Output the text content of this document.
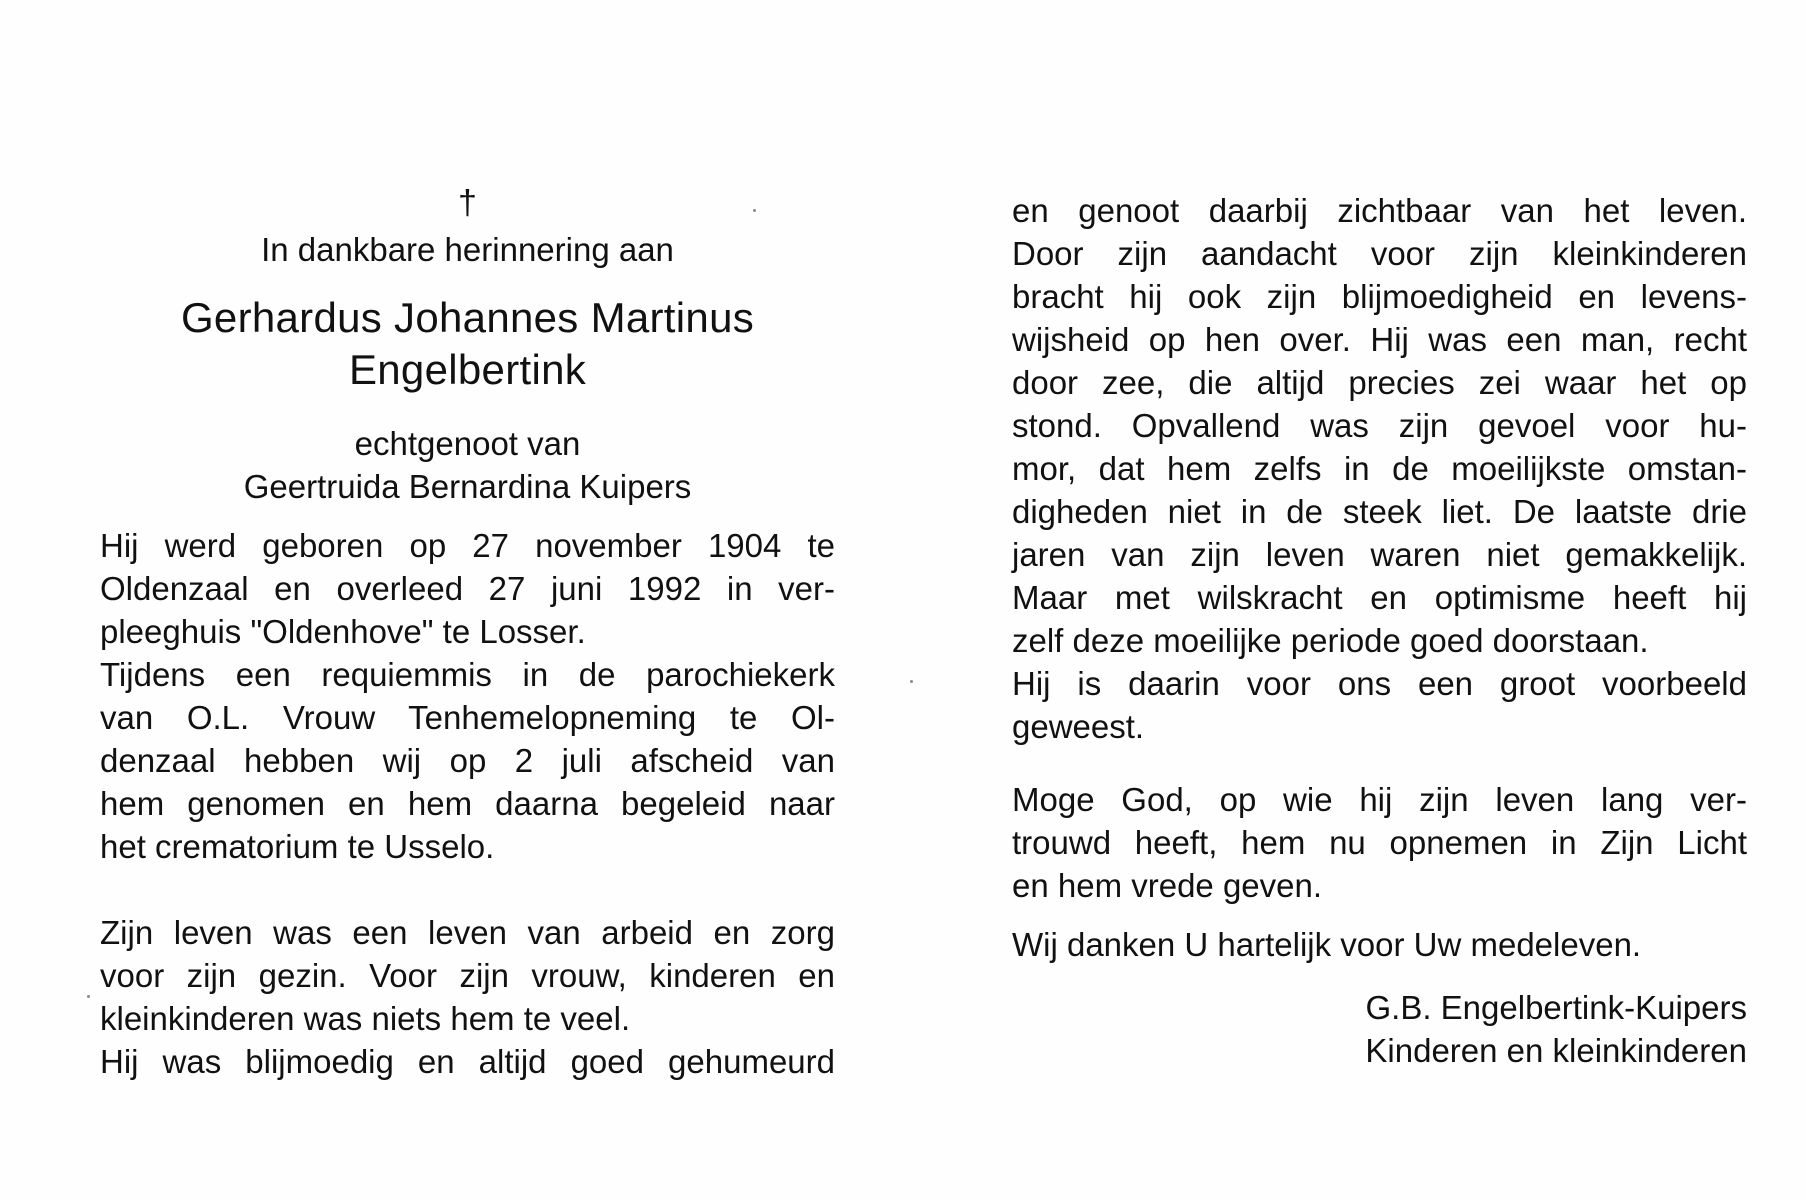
†
In dankbare herinnering aan
Gerhardus Johannes Martinus
Engelbertink
echtgenoot van
Geertruida Bernardina Kuipers
Hij werd geboren op 27 november 1904 te
Oldenzaal en overleed 27 juni 1992 in ver-
pleeghuis "Oldenhove" te Losser.
Tijdens een requiemmis in de parochiekerk
van O.L. Vrouw Tenhemelopneming te Ol-
denzaal hebben wij op 2 juli afscheid van
hem genomen en hem daarna begeleid naar
het crematorium te Usselo.
Zijn leven was een leven van arbeid en zorg
voor zijn gezin. Voor zijn vrouw, kinderen en
kleinkinderen was niets hem te veel.
Hij was blijmoedig en altijd goed gehumeurd
en genoot daarbij zichtbaar van het leven.
Door zijn aandacht voor zijn kleinkinderen
bracht hij ook zijn blijmoedigheid en levens-
wijsheid op hen over. Hij was een man, recht
door zee, die altijd precies zei waar het op
stond. Opvallend was zijn gevoel voor hu-
mor, dat hem zelfs in de moeilijkste omstan-
digheden niet in de steek liet. De laatste drie
jaren van zijn leven waren niet gemakkelijk.
Maar met wilskracht en optimisme heeft hij
zelf deze moeilijke periode goed doorstaan.
Hij is daarin voor ons een groot voorbeeld
geweest.
Moge God, op wie hij zijn leven lang ver-
trouwd heeft, hem nu opnemen in Zijn Licht
en hem vrede geven.
Wij danken U hartelijk voor Uw medeleven.
G.B. Engelbertink-Kuipers
Kinderen en kleinkinderen
